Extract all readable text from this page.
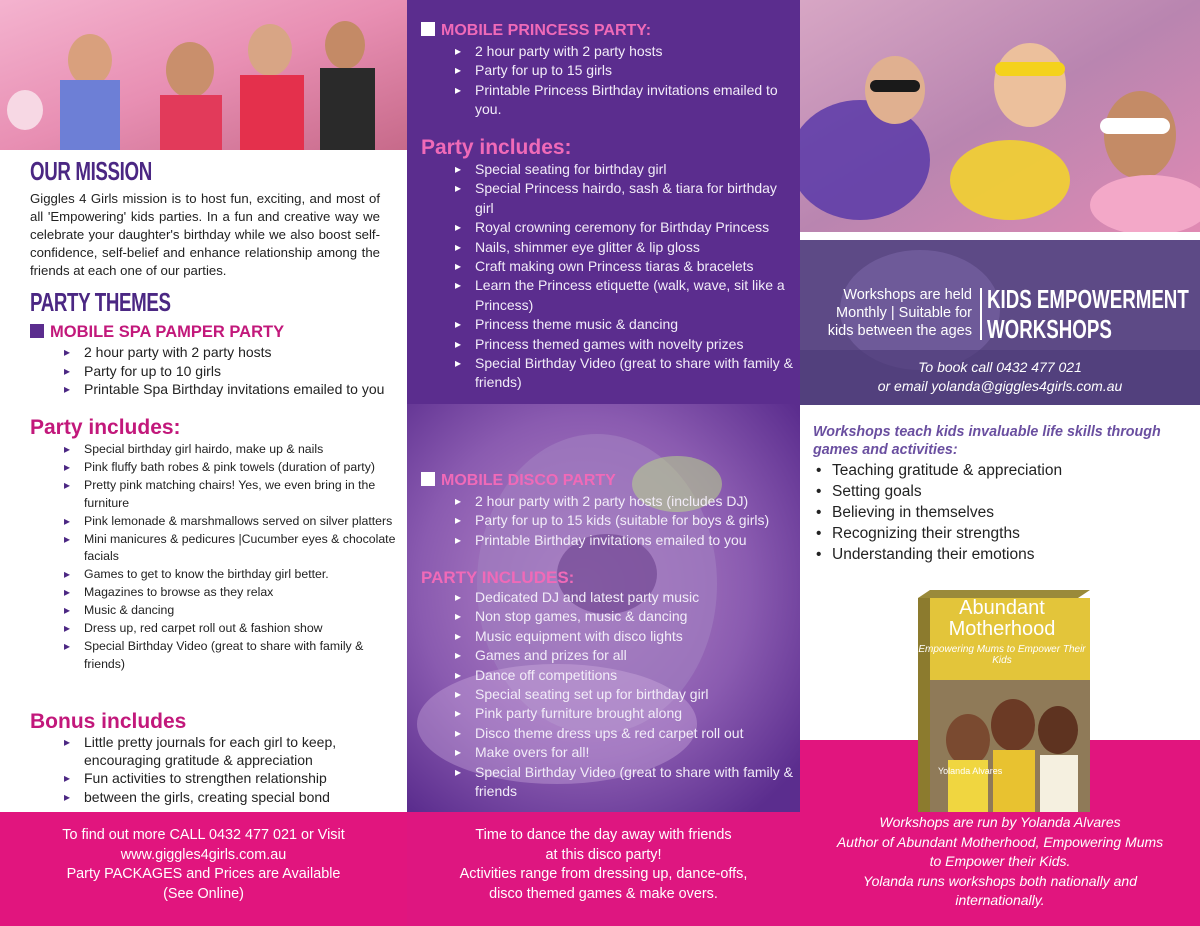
OUR MISSION
Giggles 4 Girls mission is to host fun, exciting, and most of all 'Empowering' kids parties. In a fun and creative way we celebrate your daughter's birthday while we also boost self-confidence, self-belief and enhance relationship among the friends at each one of our parties.
PARTY THEMES
MOBILE SPA PAMPER PARTY
▸ 2 hour party with 2 party hosts
▸ Party for up to 10 girls
▸ Printable Spa Birthday invitations emailed to you
Party includes:
▸ Special birthday girl hairdo, make up & nails
▸ Pink fluffy bath robes & pink towels (duration of party)
▸ Pretty pink matching chairs! Yes, we even bring in the furniture
▸ Pink lemonade & marshmallows served on silver platters
▸ Mini manicures & pedicures |Cucumber eyes & chocolate facials
▸ Games to get to know the birthday girl better.
▸ Magazines to browse as they relax
▸ Music & dancing
▸ Dress up, red carpet roll out & fashion show
▸ Special Birthday Video (great to share with family & friends)
Bonus includes
▸ Little pretty journals for each girl to keep, encouraging gratitude & appreciation
▸ Fun activities to strengthen relationship
▸ between the girls, creating special bond
MOBILE PRINCESS PARTY:
▸ 2 hour party with 2 party hosts
▸ Party for up to 15 girls
▸ Printable Princess Birthday invitations emailed to you.
Party includes:
▸ Special seating for birthday girl
▸ Special Princess hairdo, sash & tiara for birthday girl
▸ Royal crowning ceremony for Birthday Princess
▸ Nails, shimmer eye glitter & lip gloss
▸ Craft making own Princess tiaras & bracelets
▸ Learn the Princess etiquette (walk, wave, sit like a Princess)
▸ Princess theme music & dancing
▸ Princess themed games with novelty prizes
▸ Special Birthday Video (great to share with family & friends)
MOBILE DISCO PARTY
▸ 2 hour party with 2 party hosts (includes DJ)
▸ Party for up to 15 kids (suitable for boys & girls)
▸ Printable Birthday invitations emailed to you
PARTY INCLUDES:
▸ Dedicated DJ and latest party music
▸ Non stop games, music & dancing
▸ Music equipment with disco lights
▸ Games and prizes for all
▸ Dance off competitions
▸ Special seating set up for birthday girl
▸ Pink party furniture brought along
▸ Disco theme dress ups & red carpet roll out
▸ Make overs for all!
▸ Special Birthday Video (great to share with family & friends
Workshops are held
Monthly | Suitable for
kids between the ages
KIDS EMPOWERMENT
WORKSHOPS
To book call 0432 477 021
or email yolanda@giggles4girls.com.au
Workshops teach kids invaluable life skills through games and activities:
• Teaching gratitude & appreciation
• Setting goals
• Believing in themselves
• Recognizing their strengths
• Understanding their emotions
To find out more CALL 0432 477 021 or Visit
www.giggles4girls.com.au
Party PACKAGES and Prices are Available
(See Online)
Time to dance the day away with friends
at this disco party!
Activities range from dressing up, dance-offs,
disco themed games & make overs.
Workshops are run by Yolanda Alvares
Author of Abundant Motherhood, Empowering Mums
to Empower their Kids.
Yolanda runs workshops both nationally and
internationally.
Abundant
Motherhood
Empowering Mums to Empower Their Kids
Yolanda Alvares
